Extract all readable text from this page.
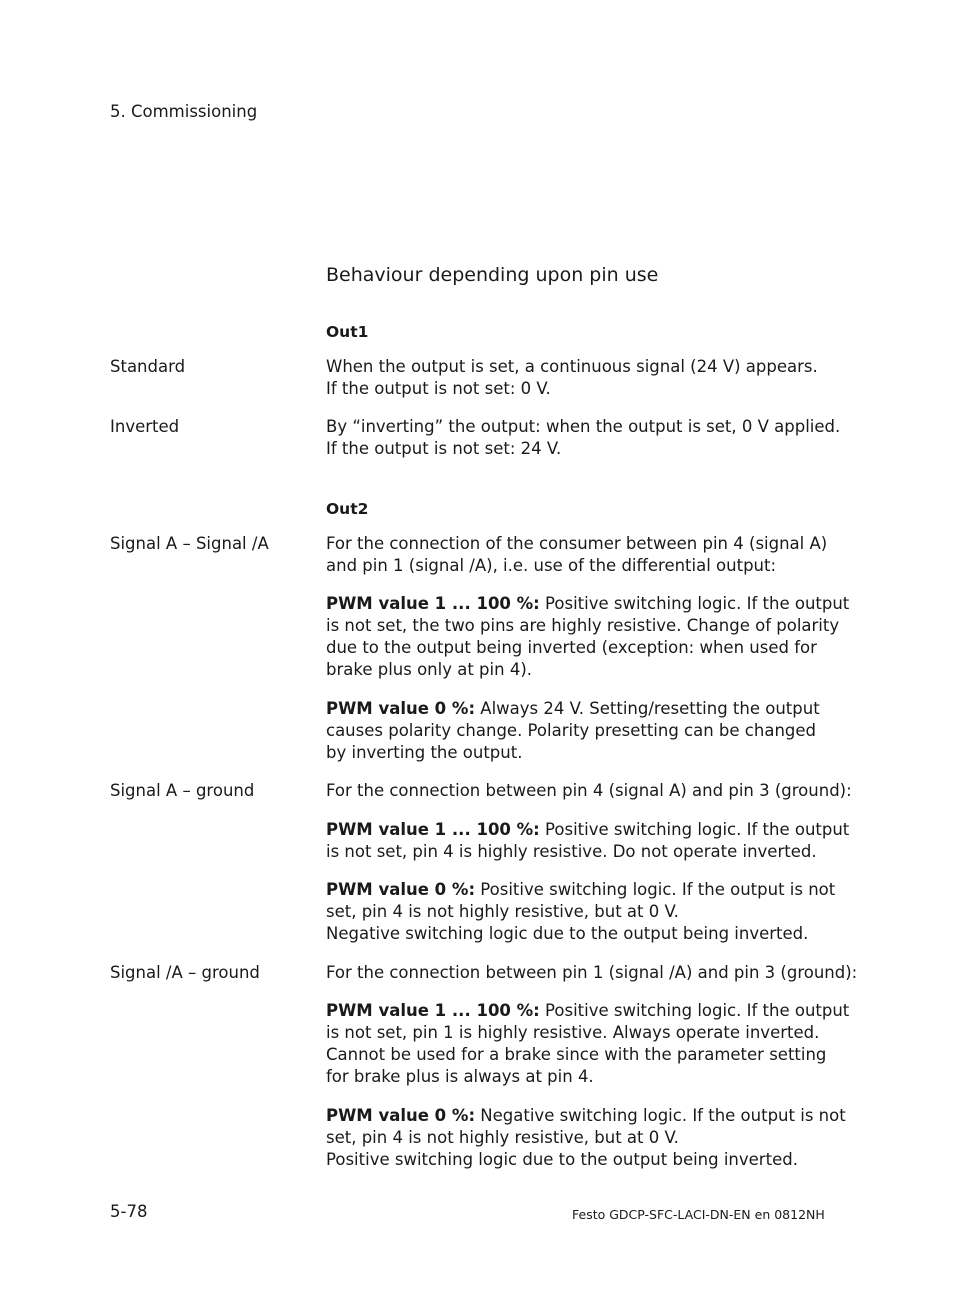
5. Commissioning
Behaviour depending upon pin use
Out1
Standard	When the output is set, a continuous signal (24 V) appears.
If the output is not set: 0 V.
Inverted	By “inverting” the output: when the output is set, 0 V applied.
If the output is not set: 24 V.
Out2
Signal A – Signal /A	For the connection of the consumer between pin 4 (signal A)
and pin 1 (signal /A), i.e. use of the differential output:
PWM value 1 ... 100 %: Positive switching logic. If the output
is not set, the two pins are highly resistive. Change of polarity
due to the output being inverted (exception: when used for
brake plus only at pin 4).
PWM value 0 %: Always 24 V. Setting/resetting the output
causes polarity change. Polarity presetting can be changed
by inverting the output.
Signal A – ground	For the connection between pin 4 (signal A) and pin 3 (ground):
PWM value 1 ... 100 %: Positive switching logic. If the output
is not set, pin 4 is highly resistive. Do not operate inverted.
PWM value 0 %: Positive switching logic. If the output is not
set, pin 4 is not highly resistive, but at 0 V.
Negative switching logic due to the output being inverted.
Signal /A – ground	For the connection between pin 1 (signal /A) and pin 3 (ground):
PWM value 1 ... 100 %: Positive switching logic. If the output
is not set, pin 1 is highly resistive. Always operate inverted.
Cannot be used for a brake since with the parameter setting
for brake plus is always at pin 4.
PWM value 0 %: Negative switching logic. If the output is not
set, pin 4 is not highly resistive, but at 0 V.
Positive switching logic due to the output being inverted.
5-78	Festo GDCP-SFC-LACI-DN-EN en 0812NH
